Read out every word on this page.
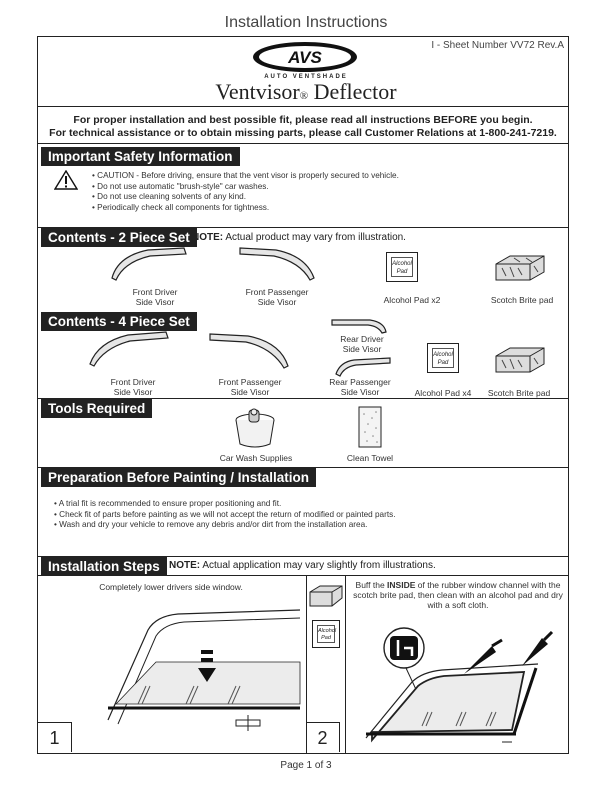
Installation Instructions
I - Sheet Number VV72 Rev.A
AVS
AUTO VENTSHADE
Ventvisor® Deflector
For proper installation and best possible fit, please read all instructions BEFORE you begin.
For technical assistance or to obtain missing parts, please call Customer Relations at 1-800-241-7219.
Important Safety Information
• CAUTION - Before driving, ensure that the vent visor is properly secured to vehicle.
• Do not use automatic "brush-style" car washes.
• Do not use cleaning solvents of any kind.
• Periodically check all components for tightness.
Contents - 2 Piece Set NOTE: Actual product may vary from illustration.
Alcohol
Pad
Front Driver
Side Visor
Front Passenger
Side Visor	Alcohol Pad x2	Scotch Brite pad
Contents - 4 Piece Set
Rear Driver
Side Visor
Alcohol
Pad
Front Driver
Side Visor
Front Passenger
Side Visor
Rear Passenger
Side Visor	Alcohol Pad x4	Scotch Brite pad
Tools Required
Car Wash Supplies	Clean Towel
Preparation Before Painting / Installation
• A trial fit is recommended to ensure proper positioning and fit.
• Check fit of parts before painting as we will not accept the return of modified or painted parts.
• Wash and dry your vehicle to remove any debris and/or dirt from the installation area.
Installation Steps NOTE: Actual application may vary slightly from illustrations.
Completely lower drivers side window.
1
Alcohol
Pad
Buff the INSIDE of the rubber window channel with the scotch brite pad, then clean with an alcohol pad and dry with a soft cloth.
2
Page 1 of 3
